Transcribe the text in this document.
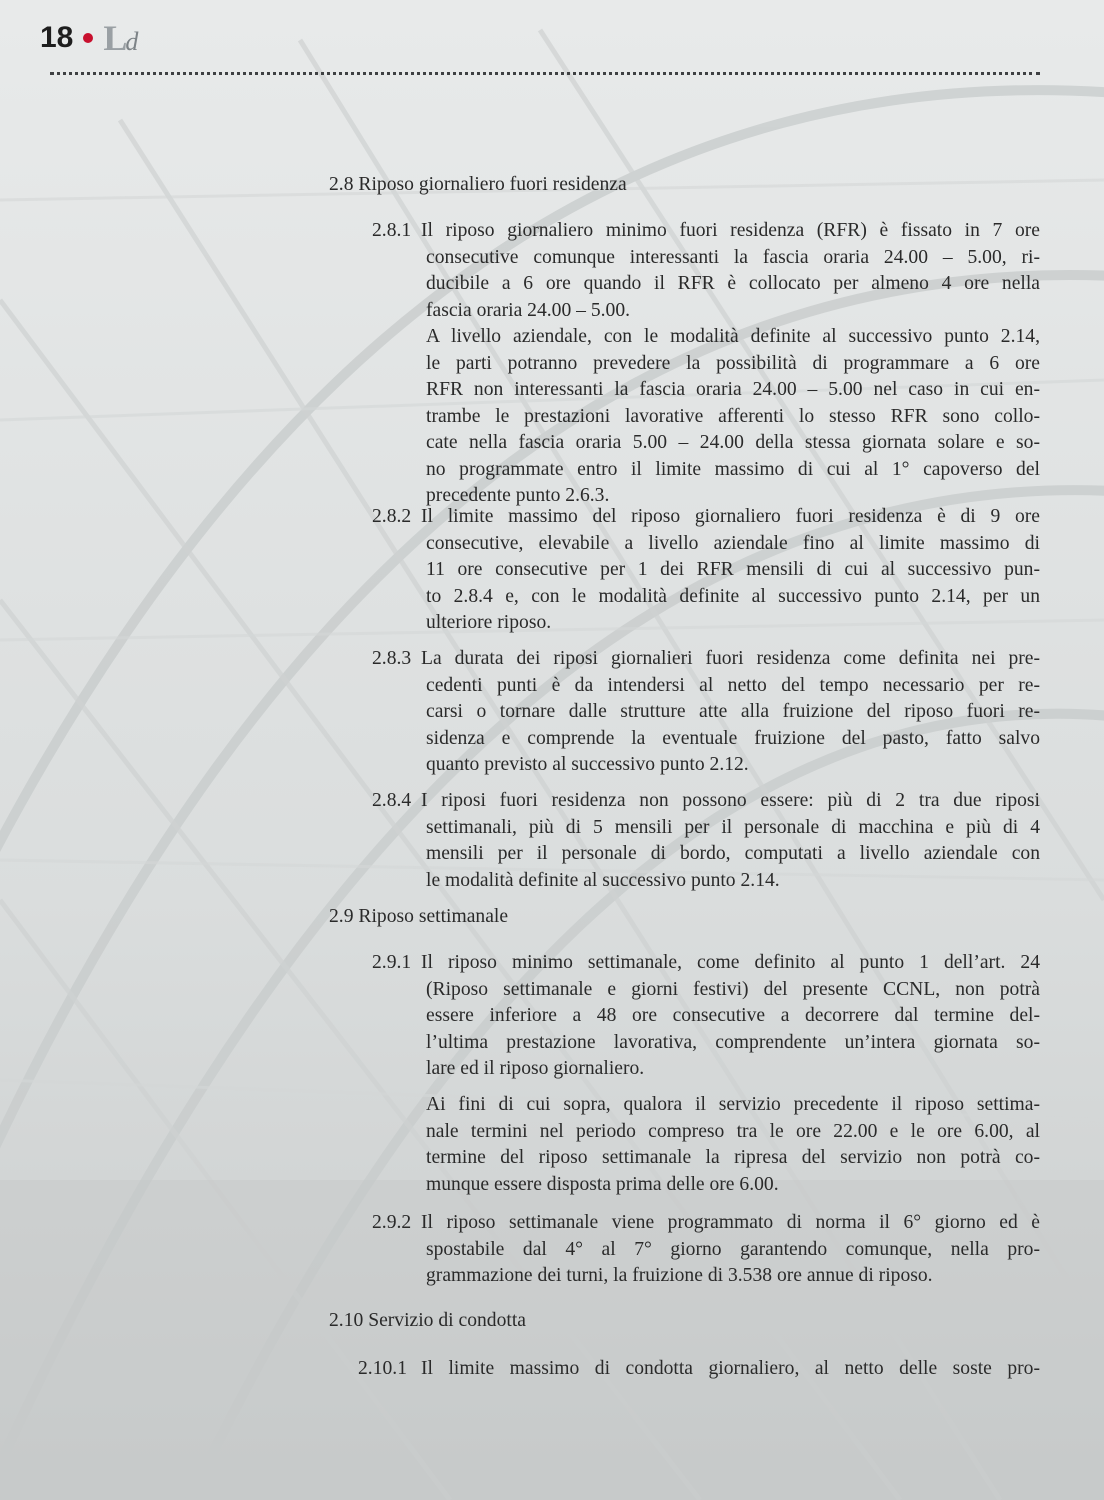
18 Ld
2.8 Riposo giornaliero fuori residenza
2.8.1 Il riposo giornaliero minimo fuori residenza (RFR) è fissato in 7 ore
consecutive comunque interessanti la fascia oraria 24.00 – 5.00, ri-
ducibile a 6 ore quando il RFR è collocato per almeno 4 ore nella
fascia oraria 24.00 – 5.00.
A livello aziendale, con le modalità definite al successivo punto 2.14,
le parti potranno prevedere la possibilità di programmare a 6 ore
RFR non interessanti la fascia oraria 24.00 – 5.00 nel caso in cui en-
trambe le prestazioni lavorative afferenti lo stesso RFR sono collo-
cate nella fascia oraria 5.00 – 24.00 della stessa giornata solare e so-
no programmate entro il limite massimo di cui al 1° capoverso del
precedente punto 2.6.3.
2.8.2 Il limite massimo del riposo giornaliero fuori residenza è di 9 ore
consecutive, elevabile a livello aziendale fino al limite massimo di
11 ore consecutive per 1 dei RFR mensili di cui al successivo pun-
to 2.8.4 e, con le modalità definite al successivo punto 2.14, per un
ulteriore riposo.
2.8.3 La durata dei riposi giornalieri fuori residenza come definita nei pre-
cedenti punti è da intendersi al netto del tempo necessario per re-
carsi o tornare dalle strutture atte alla fruizione del riposo fuori re-
sidenza e comprende la eventuale fruizione del pasto, fatto salvo
quanto previsto al successivo punto 2.12.
2.8.4 I riposi fuori residenza non possono essere: più di 2 tra due riposi
settimanali, più di 5 mensili per il personale di macchina e più di 4
mensili per il personale di bordo, computati a livello aziendale con
le modalità definite al successivo punto 2.14.
2.9 Riposo settimanale
2.9.1 Il riposo minimo settimanale, come definito al punto 1 dell’art. 24
(Riposo settimanale e giorni festivi) del presente CCNL, non potrà
essere inferiore a 48 ore consecutive a decorrere dal termine del-
l’ultima prestazione lavorativa, comprendente un’intera giornata so-
lare ed il riposo giornaliero.
Ai fini di cui sopra, qualora il servizio precedente il riposo settima-
nale termini nel periodo compreso tra le ore 22.00 e le ore 6.00, al
termine del riposo settimanale la ripresa del servizio non potrà co-
munque essere disposta prima delle ore 6.00.
2.9.2 Il riposo settimanale viene programmato di norma il 6° giorno ed è
spostabile dal 4° al 7° giorno garantendo comunque, nella pro-
grammazione dei turni, la fruizione di 3.538 ore annue di riposo.
2.10 Servizio di condotta
2.10.1 Il limite massimo di condotta giornaliero, al netto delle soste pro-
